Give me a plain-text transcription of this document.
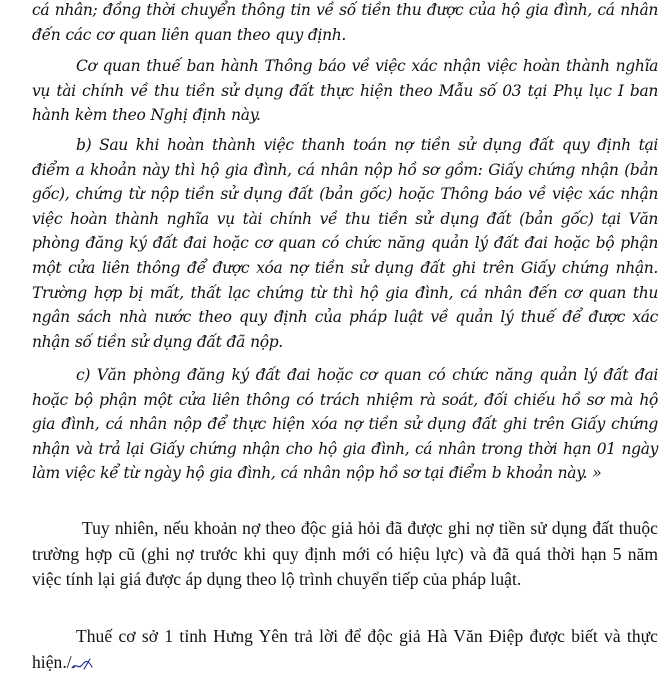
cá nhân; đồng thời chuyển thông tin về số tiền thu được của hộ gia đình, cá nhân đến các cơ quan liên quan theo quy định.

Cơ quan thuế ban hành Thông báo về việc xác nhận việc hoàn thành nghĩa vụ tài chính về thu tiền sử dụng đất thực hiện theo Mẫu số 03 tại Phụ lục I ban hành kèm theo Nghị định này.

b) Sau khi hoàn thành việc thanh toán nợ tiền sử dụng đất quy định tại điểm a khoản này thì hộ gia đình, cá nhân nộp hồ sơ gồm: Giấy chứng nhận (bản gốc), chứng từ nộp tiền sử dụng đất (bản gốc) hoặc Thông báo về việc xác nhận việc hoàn thành nghĩa vụ tài chính về thu tiền sử dụng đất (bản gốc) tại Văn phòng đăng ký đất đai hoặc cơ quan có chức năng quản lý đất đai hoặc bộ phận một cửa liên thông để được xóa nợ tiền sử dụng đất ghi trên Giấy chứng nhận. Trường hợp bị mất, thất lạc chứng từ thì hộ gia đình, cá nhân đến cơ quan thu ngân sách nhà nước theo quy định của pháp luật về quản lý thuế để được xác nhận số tiền sử dụng đất đã nộp.

c) Văn phòng đăng ký đất đai hoặc cơ quan có chức năng quản lý đất đai hoặc bộ phận một cửa liên thông có trách nhiệm rà soát, đối chiếu hồ sơ mà hộ gia đình, cá nhân nộp để thực hiện xóa nợ tiền sử dụng đất ghi trên Giấy chứng nhận và trả lại Giấy chứng nhận cho hộ gia đình, cá nhân trong thời hạn 01 ngày làm việc kể từ ngày hộ gia đình, cá nhân nộp hồ sơ tại điểm b khoản này. »

Tuy nhiên, nếu khoản nợ theo độc giả hỏi đã được ghi nợ tiền sử dụng đất thuộc trường hợp cũ (ghi nợ trước khi quy định mới có hiệu lực) và đã quá thời hạn 5 năm việc tính lại giá được áp dụng theo lộ trình chuyển tiếp của pháp luật.

Thuế cơ sở 1 tỉnh Hưng Yên trả lời để độc giả Hà Văn Điệp được biết và thực hiện./.
